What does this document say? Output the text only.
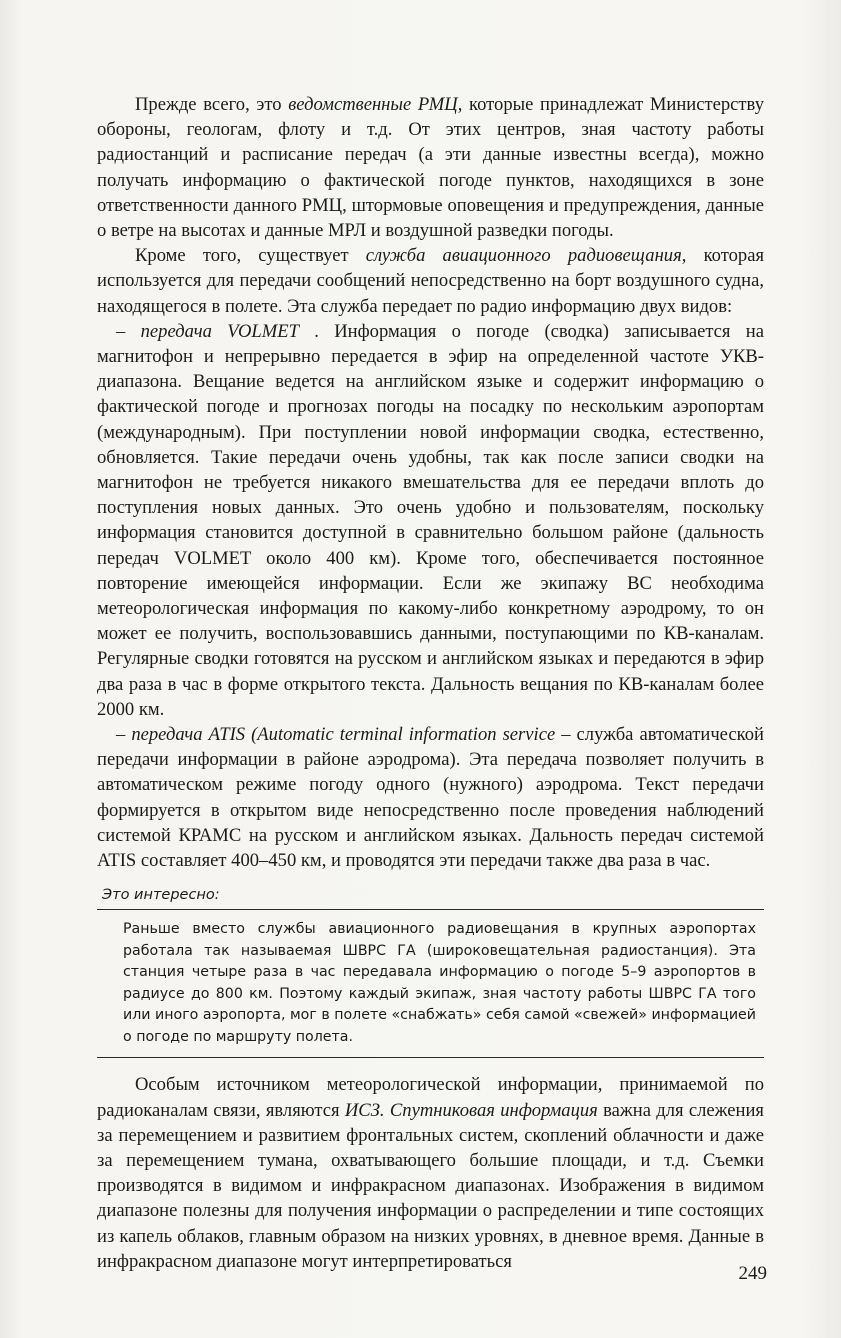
Прежде всего, это ведомственные РМЦ, которые принадлежат Министерству обороны, геологам, флоту и т.д. От этих центров, зная частоту работы радиостанций и расписание передач (а эти данные известны всегда), можно получать информацию о фактической погоде пунктов, находящихся в зоне ответственности данного РМЦ, штормовые оповещения и предупреждения, данные о ветре на высотах и данные МРЛ и воздушной разведки погоды.

Кроме того, существует служба авиационного радиовещания, которая используется для передачи сообщений непосредственно на борт воздушного судна, находящегося в полете. Эта служба передает по радио информацию двух видов:

– передача VOLMET . Информация о погоде (сводка) записывается на магнитофон и непрерывно передается в эфир на определенной частоте УКВ-диапазона. Вещание ведется на английском языке и содержит информацию о фактической погоде и прогнозах погоды на посадку по нескольким аэропортам (международным). При поступлении новой информации сводка, естественно, обновляется. Такие передачи очень удобны, так как после записи сводки на магнитофон не требуется никакого вмешательства для ее передачи вплоть до поступления новых данных. Это очень удобно и пользователям, поскольку информация становится доступной в сравнительно большом районе (дальность передач VOLMET около 400 км). Кроме того, обеспечивается постоянное повторение имеющейся информации. Если же экипажу ВС необходима метеорологическая информация по какому-либо конкретному аэродрому, то он может ее получить, воспользовавшись данными, поступающими по КВ-каналам. Регулярные сводки готовятся на русском и английском языках и передаются в эфир два раза в час в форме открытого текста. Дальность вещания по КВ-каналам более 2000 км.

– передача ATIS (Automatic terminal information service – служба автоматической передачи информации в районе аэродрома). Эта передача позволяет получить в автоматическом режиме погоду одного (нужного) аэродрома. Текст передачи формируется в открытом виде непосредственно после проведения наблюдений системой КРАМС на русском и английском языках. Дальность передач системой ATIS составляет 400–450 км, и проводятся эти передачи также два раза в час.

Это интересно:
Раньше вместо службы авиационного радиовещания в крупных аэропортах работала так называемая ШВРС ГА (широковещательная радиостанция). Эта станция четыре раза в час передавала информацию о погоде 5–9 аэропортов в радиусе до 800 км. Поэтому каждый экипаж, зная частоту работы ШВРС ГА того или иного аэропорта, мог в полете «снабжать» себя самой «свежей» информацией о погоде по маршруту полета.

Особым источником метеорологической информации, принимаемой по радиоканалам связи, являются ИСЗ. Спутниковая информация важна для слежения за перемещением и развитием фронтальных систем, скоплений облачности и даже за перемещением тумана, охватывающего большие площади, и т.д. Съемки производятся в видимом и инфракрасном диапазонах. Изображения в видимом диапазоне полезны для получения информации о распределении и типе состоящих из капель облаков, главным образом на низких уровнях, в дневное время. Данные в инфракрасном диапазоне могут интерпретироваться

249
